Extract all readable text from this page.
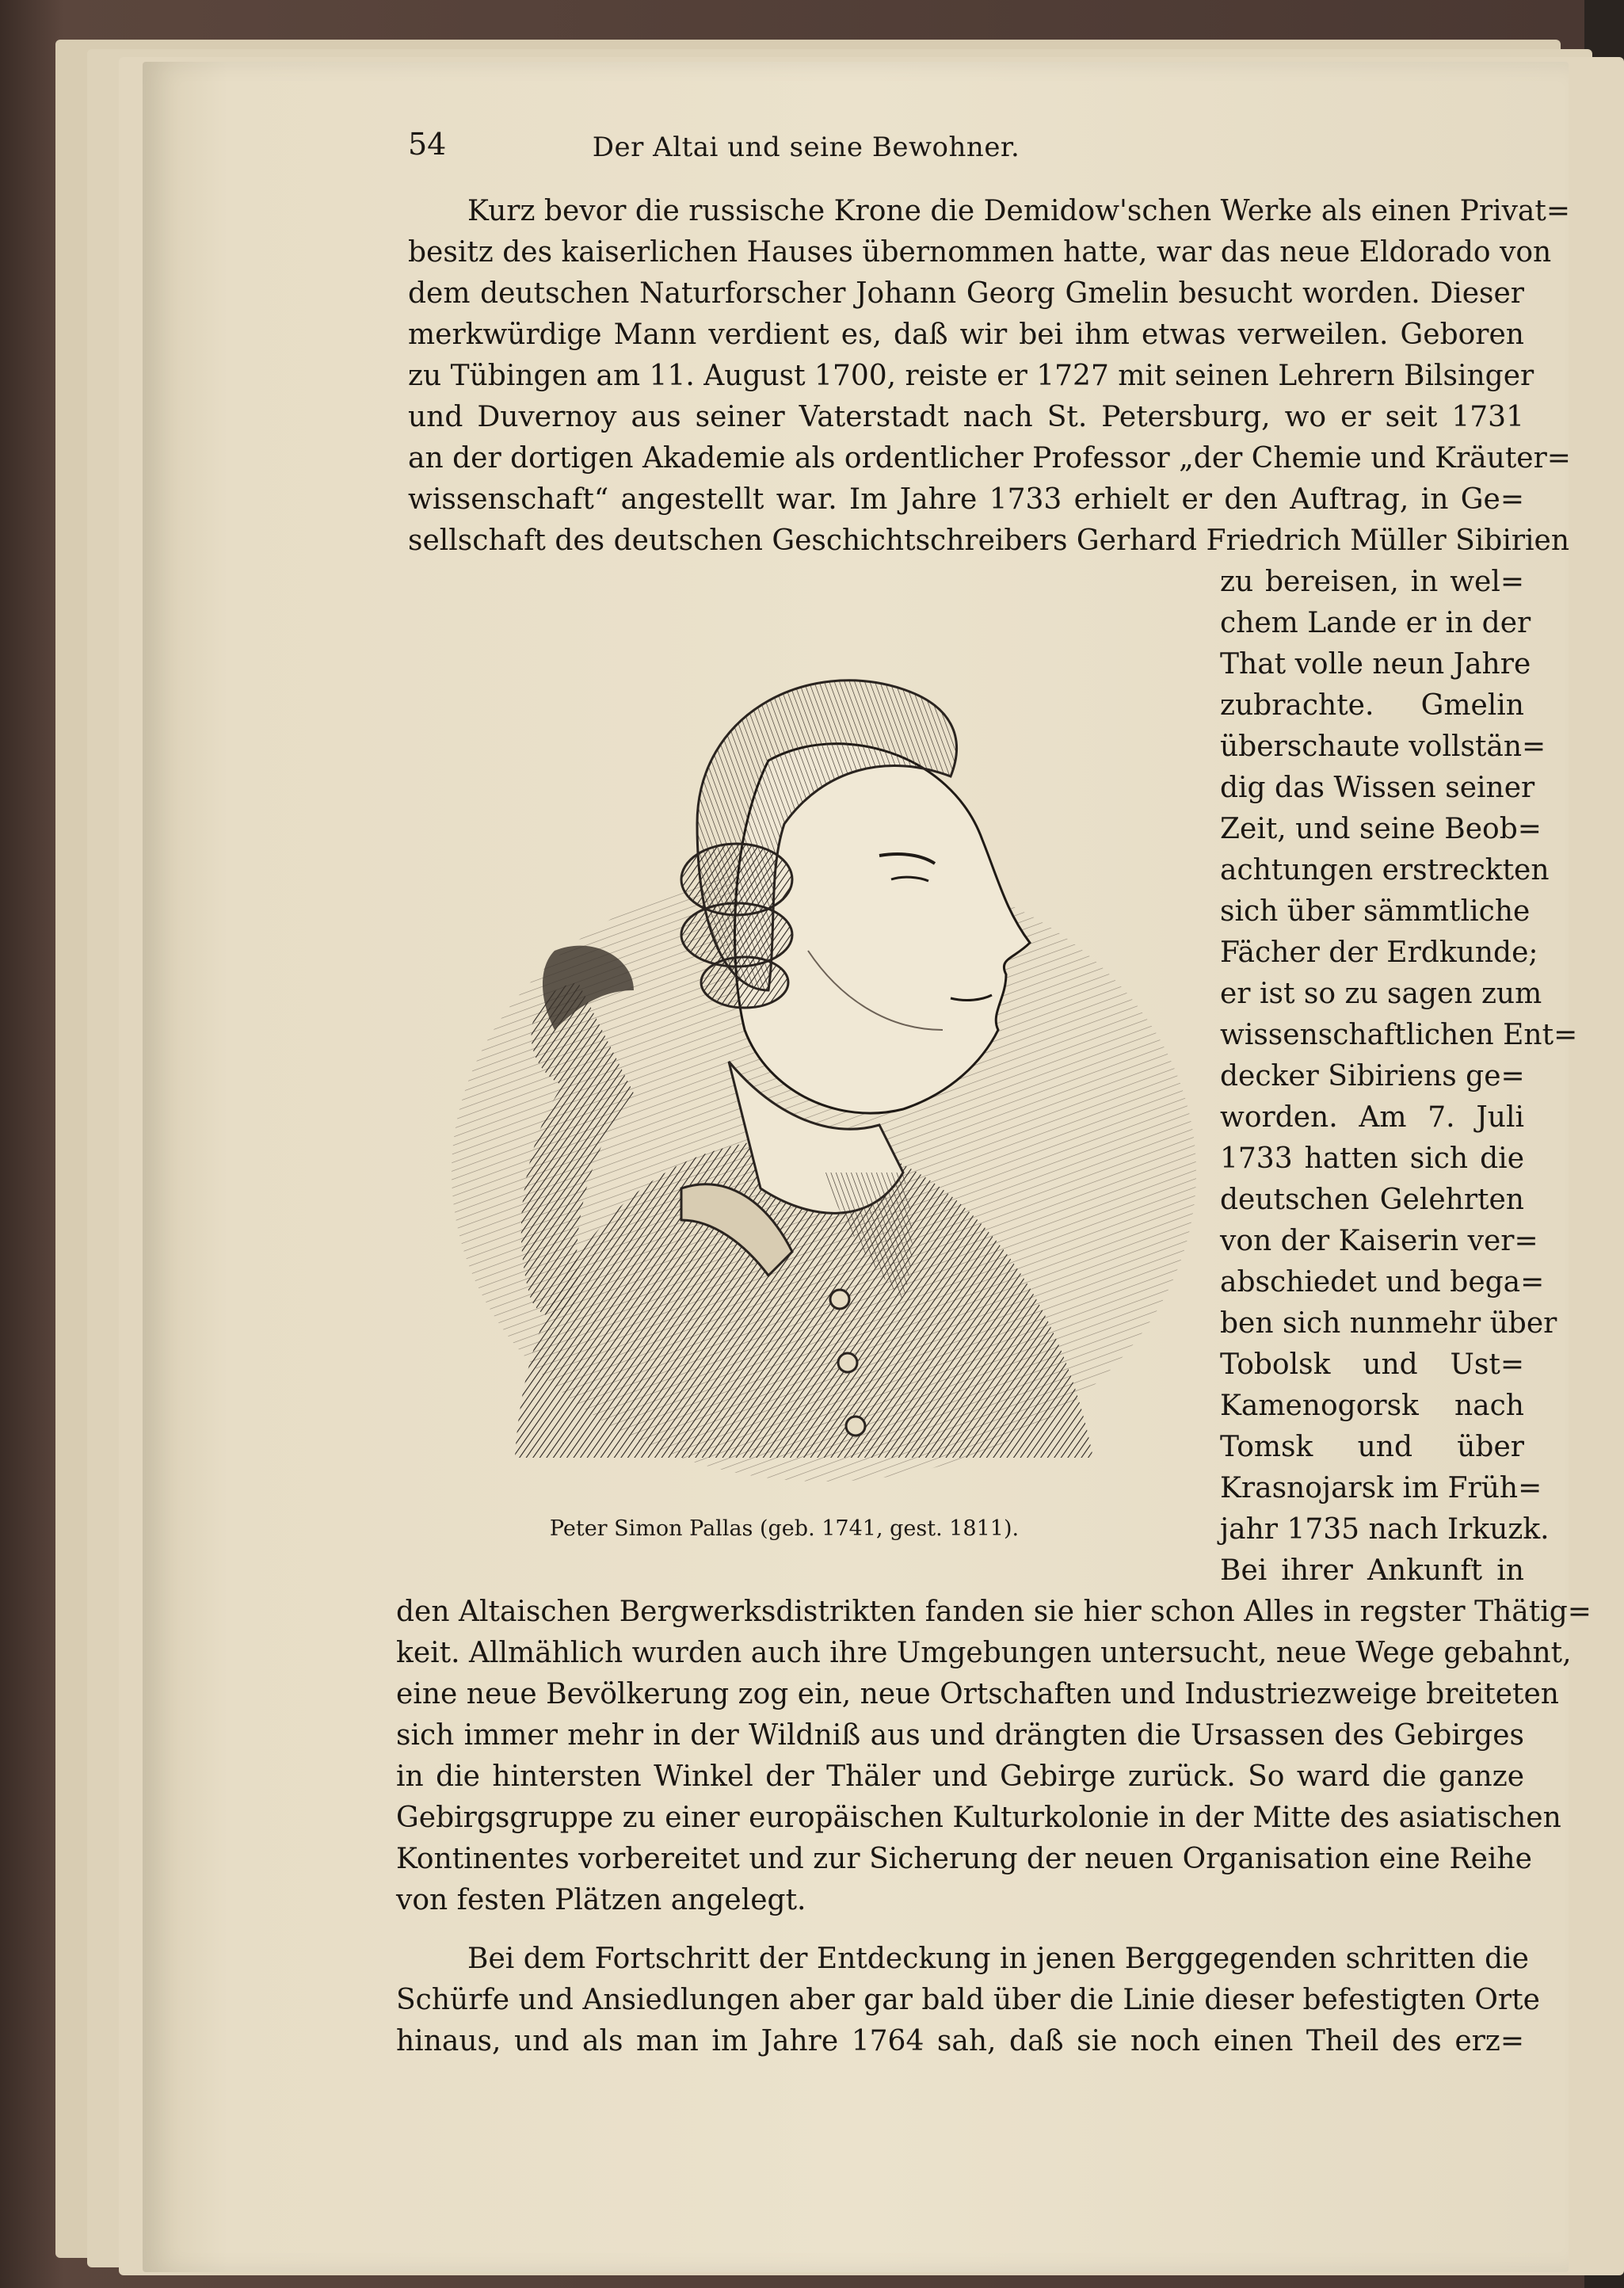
54	Der Altai und seine Bewohner.
Kurz bevor die russische Krone die Demidow'schen Werke als einen Privat=
besitz des kaiserlichen Hauses übernommen hatte, war das neue Eldorado von
dem deutschen Naturforscher Johann Georg Gmelin besucht worden. Dieser
merkwürdige Mann verdient es, daß wir bei ihm etwas verweilen. Geboren
zu Tübingen am 11. August 1700, reiste er 1727 mit seinen Lehrern Bilsinger
und Duvernoy aus seiner Vaterstadt nach St. Petersburg, wo er seit 1731
an der dortigen Akademie als ordentlicher Professor „der Chemie und Kräuter=
wissenschaft“ angestellt war. Im Jahre 1733 erhielt er den Auftrag, in Ge=
sellschaft des deutschen Geschichtschreibers Gerhard Friedrich Müller Sibirien
zu bereisen, in wel=
chem Lande er in der
That volle neun Jahre
zubrachte. Gmelin
überschaute vollstän=
dig das Wissen seiner
Zeit, und seine Beob=
achtungen erstreckten
sich über sämmtliche
Fächer der Erdkunde;
er ist so zu sagen zum
wissenschaftlichen Ent=
decker Sibiriens ge=
worden. Am 7. Juli
1733 hatten sich die
deutschen Gelehrten
von der Kaiserin ver=
abschiedet und bega=
ben sich nunmehr über
Tobolsk und Ust=
Kamenogorsk nach
Tomsk und über
Krasnojarsk im Früh=
jahr 1735 nach Irkuzk.
Bei ihrer Ankunft in
Peter Simon Pallas (geb. 1741, gest. 1811).
den Altaischen Bergwerksdistrikten fanden sie hier schon Alles in regster Thätig=
keit. Allmählich wurden auch ihre Umgebungen untersucht, neue Wege gebahnt,
eine neue Bevölkerung zog ein, neue Ortschaften und Industriezweige breiteten
sich immer mehr in der Wildniß aus und drängten die Ursassen des Gebirges
in die hintersten Winkel der Thäler und Gebirge zurück. So ward die ganze
Gebirgsgruppe zu einer europäischen Kulturkolonie in der Mitte des asiatischen
Kontinentes vorbereitet und zur Sicherung der neuen Organisation eine Reihe
von festen Plätzen angelegt.
Bei dem Fortschritt der Entdeckung in jenen Berggegenden schritten die
Schürfe und Ansiedlungen aber gar bald über die Linie dieser befestigten Orte
hinaus, und als man im Jahre 1764 sah, daß sie noch einen Theil des erz=
